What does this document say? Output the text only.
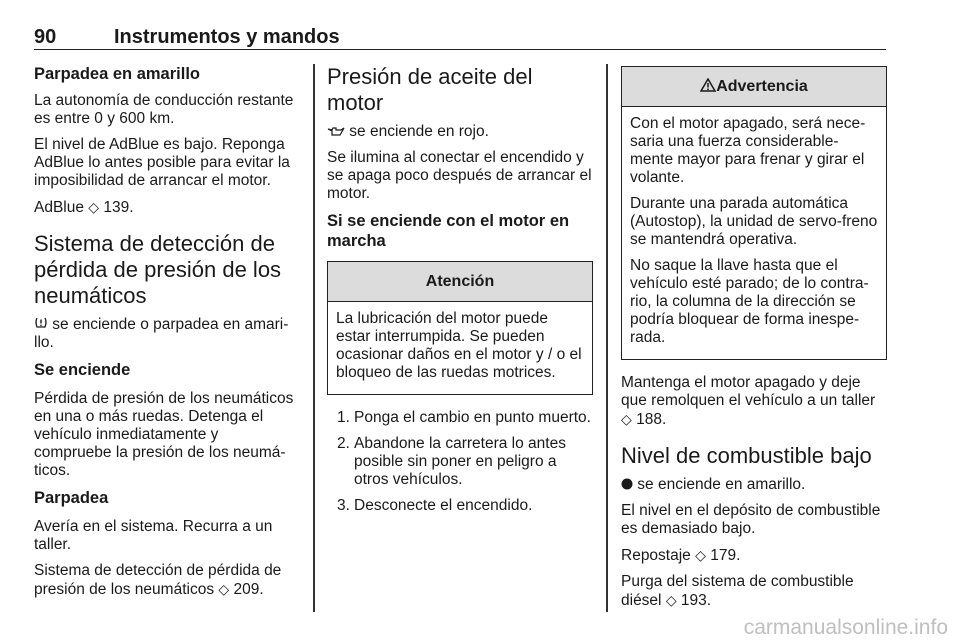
90	Instrumentos y mandos
Parpadea en amarillo

La autonomía de conducción restante es entre 0 y 600 km.

El nivel de AdBlue es bajo. Reponga AdBlue lo antes posible para evitar la imposibilidad de arrancar el motor.

AdBlue ◇ 139.

Sistema de detección de pérdida de presión de los neumáticos

se enciende o parpadea en amari-llo.

Se enciende

Pérdida de presión de los neumáticos en una o más ruedas. Detenga el vehículo inmediatamente y compruebe la presión de los neumá-ticos.

Parpadea

Avería en el sistema. Recurra a un taller.

Sistema de detección de pérdida de presión de los neumáticos ◇ 209.

Presión de aceite del motor

se enciende en rojo.

Se ilumina al conectar el encendido y se apaga poco después de arrancar el motor.

Si se enciende con el motor en marcha
Atención

La lubricación del motor puede estar interrumpida. Se pueden ocasionar daños en el motor y / o el bloqueo de las ruedas motrices.

1. Ponga el cambio en punto muerto.
2. Abandone la carretera lo antes posible sin poner en peligro a otros vehículos.
3. Desconecte el encendido.
Advertencia

Con el motor apagado, será nece-saria una fuerza considerable-mente mayor para frenar y girar el volante.

Durante una parada automática (Autostop), la unidad de servo-freno se mantendrá operativa.

No saque la llave hasta que el vehículo esté parado; de lo contra-rio, la columna de la dirección se podría bloquear de forma inespe-rada.

Mantenga el motor apagado y deje que remolquen el vehículo a un taller ◇ 188.

Nivel de combustible bajo

se enciende en amarillo.

El nivel en el depósito de combustible es demasiado bajo.

Repostaje ◇ 179.

Purga del sistema de combustible diésel ◇ 193.

carmanualsonline.info
